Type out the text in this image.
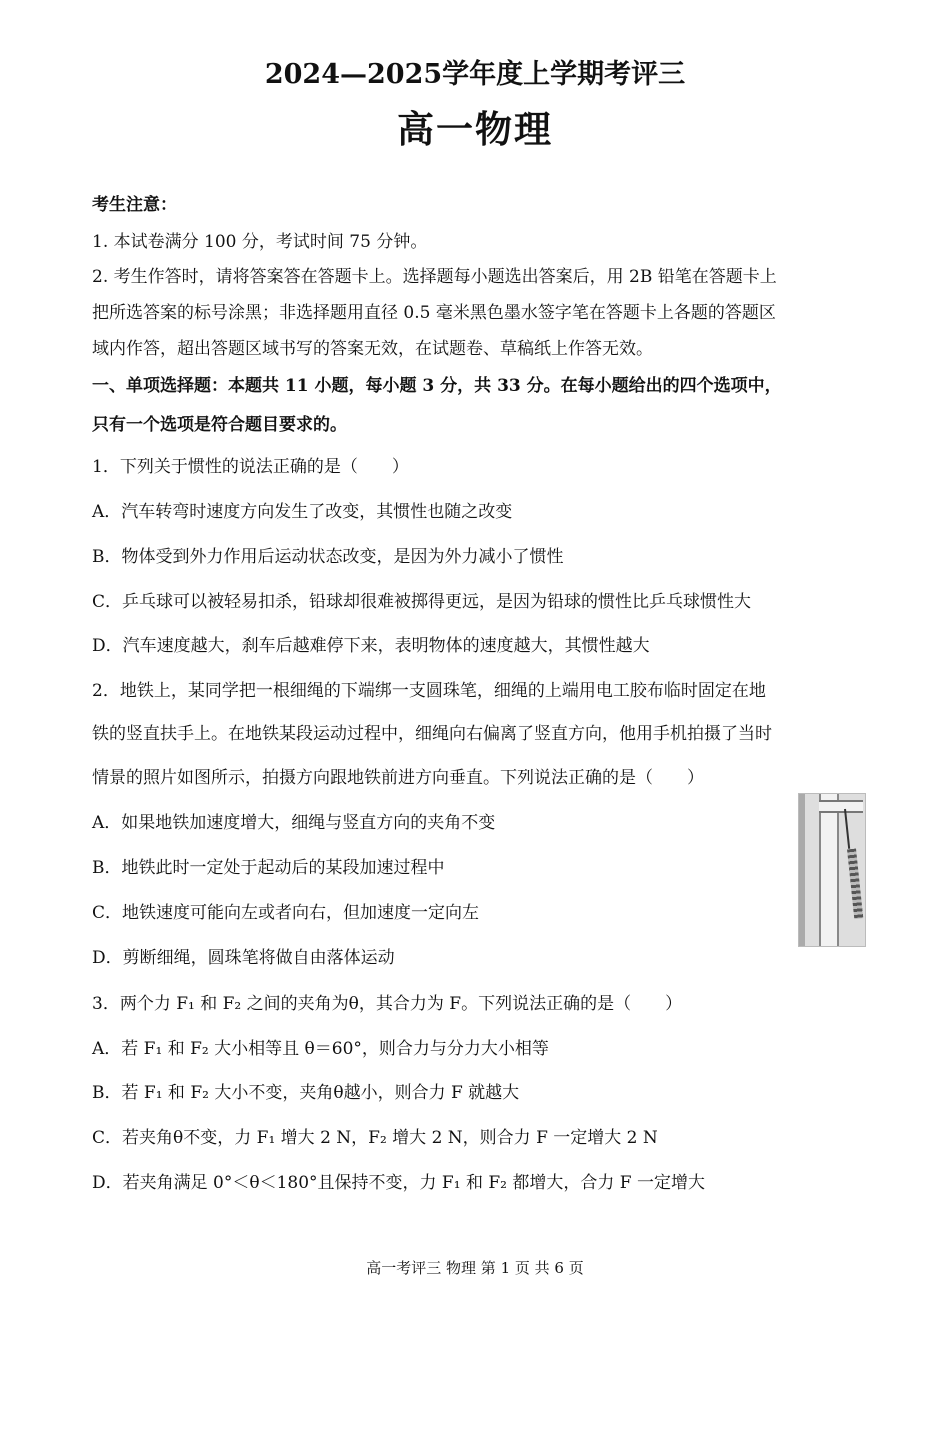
2024—2025学年度上学期考评三
高一物理
考生注意：
1. 本试卷满分 100 分，考试时间 75 分钟。
2. 考生作答时，请将答案答在答题卡上。选择题每小题选出答案后，用 2B 铅笔在答题卡上
把所选答案的标号涂黑；非选择题用直径 0.5 毫米黑色墨水签字笔在答题卡上各题的答题区
域内作答，超出答题区域书写的答案无效，在试题卷、草稿纸上作答无效。
一、单项选择题：本题共 11 小题，每小题 3 分，共 33 分。在每小题给出的四个选项中，
只有一个选项是符合题目要求的。
1．下列关于惯性的说法正确的是（　　）
A．汽车转弯时速度方向发生了改变，其惯性也随之改变
B．物体受到外力作用后运动状态改变，是因为外力减小了惯性
C．乒乓球可以被轻易扣杀，铅球却很难被掷得更远，是因为铅球的惯性比乒乓球惯性大
D．汽车速度越大，刹车后越难停下来，表明物体的速度越大，其惯性越大
2．地铁上，某同学把一根细绳的下端绑一支圆珠笔，细绳的上端用电工胶布临时固定在地
铁的竖直扶手上。在地铁某段运动过程中，细绳向右偏离了竖直方向，他用手机拍摄了当时
情景的照片如图所示，拍摄方向跟地铁前进方向垂直。下列说法正确的是（　　）
A．如果地铁加速度增大，细绳与竖直方向的夹角不变
B．地铁此时一定处于起动后的某段加速过程中
C．地铁速度可能向左或者向右，但加速度一定向左
D．剪断细绳，圆珠笔将做自由落体运动
3．两个力 F₁ 和 F₂ 之间的夹角为θ，其合力为 F。下列说法正确的是（　　）
A．若 F₁ 和 F₂ 大小相等且 θ＝60°，则合力与分力大小相等
B．若 F₁ 和 F₂ 大小不变，夹角θ越小，则合力 F 就越大
C．若夹角θ不变，力 F₁ 增大 2 N，F₂ 增大 2 N，则合力 F 一定增大 2 N
D．若夹角满足 0°＜θ＜180°且保持不变，力 F₁ 和 F₂ 都增大，合力 F 一定增大
高一考评三 物理 第 1 页 共 6 页
